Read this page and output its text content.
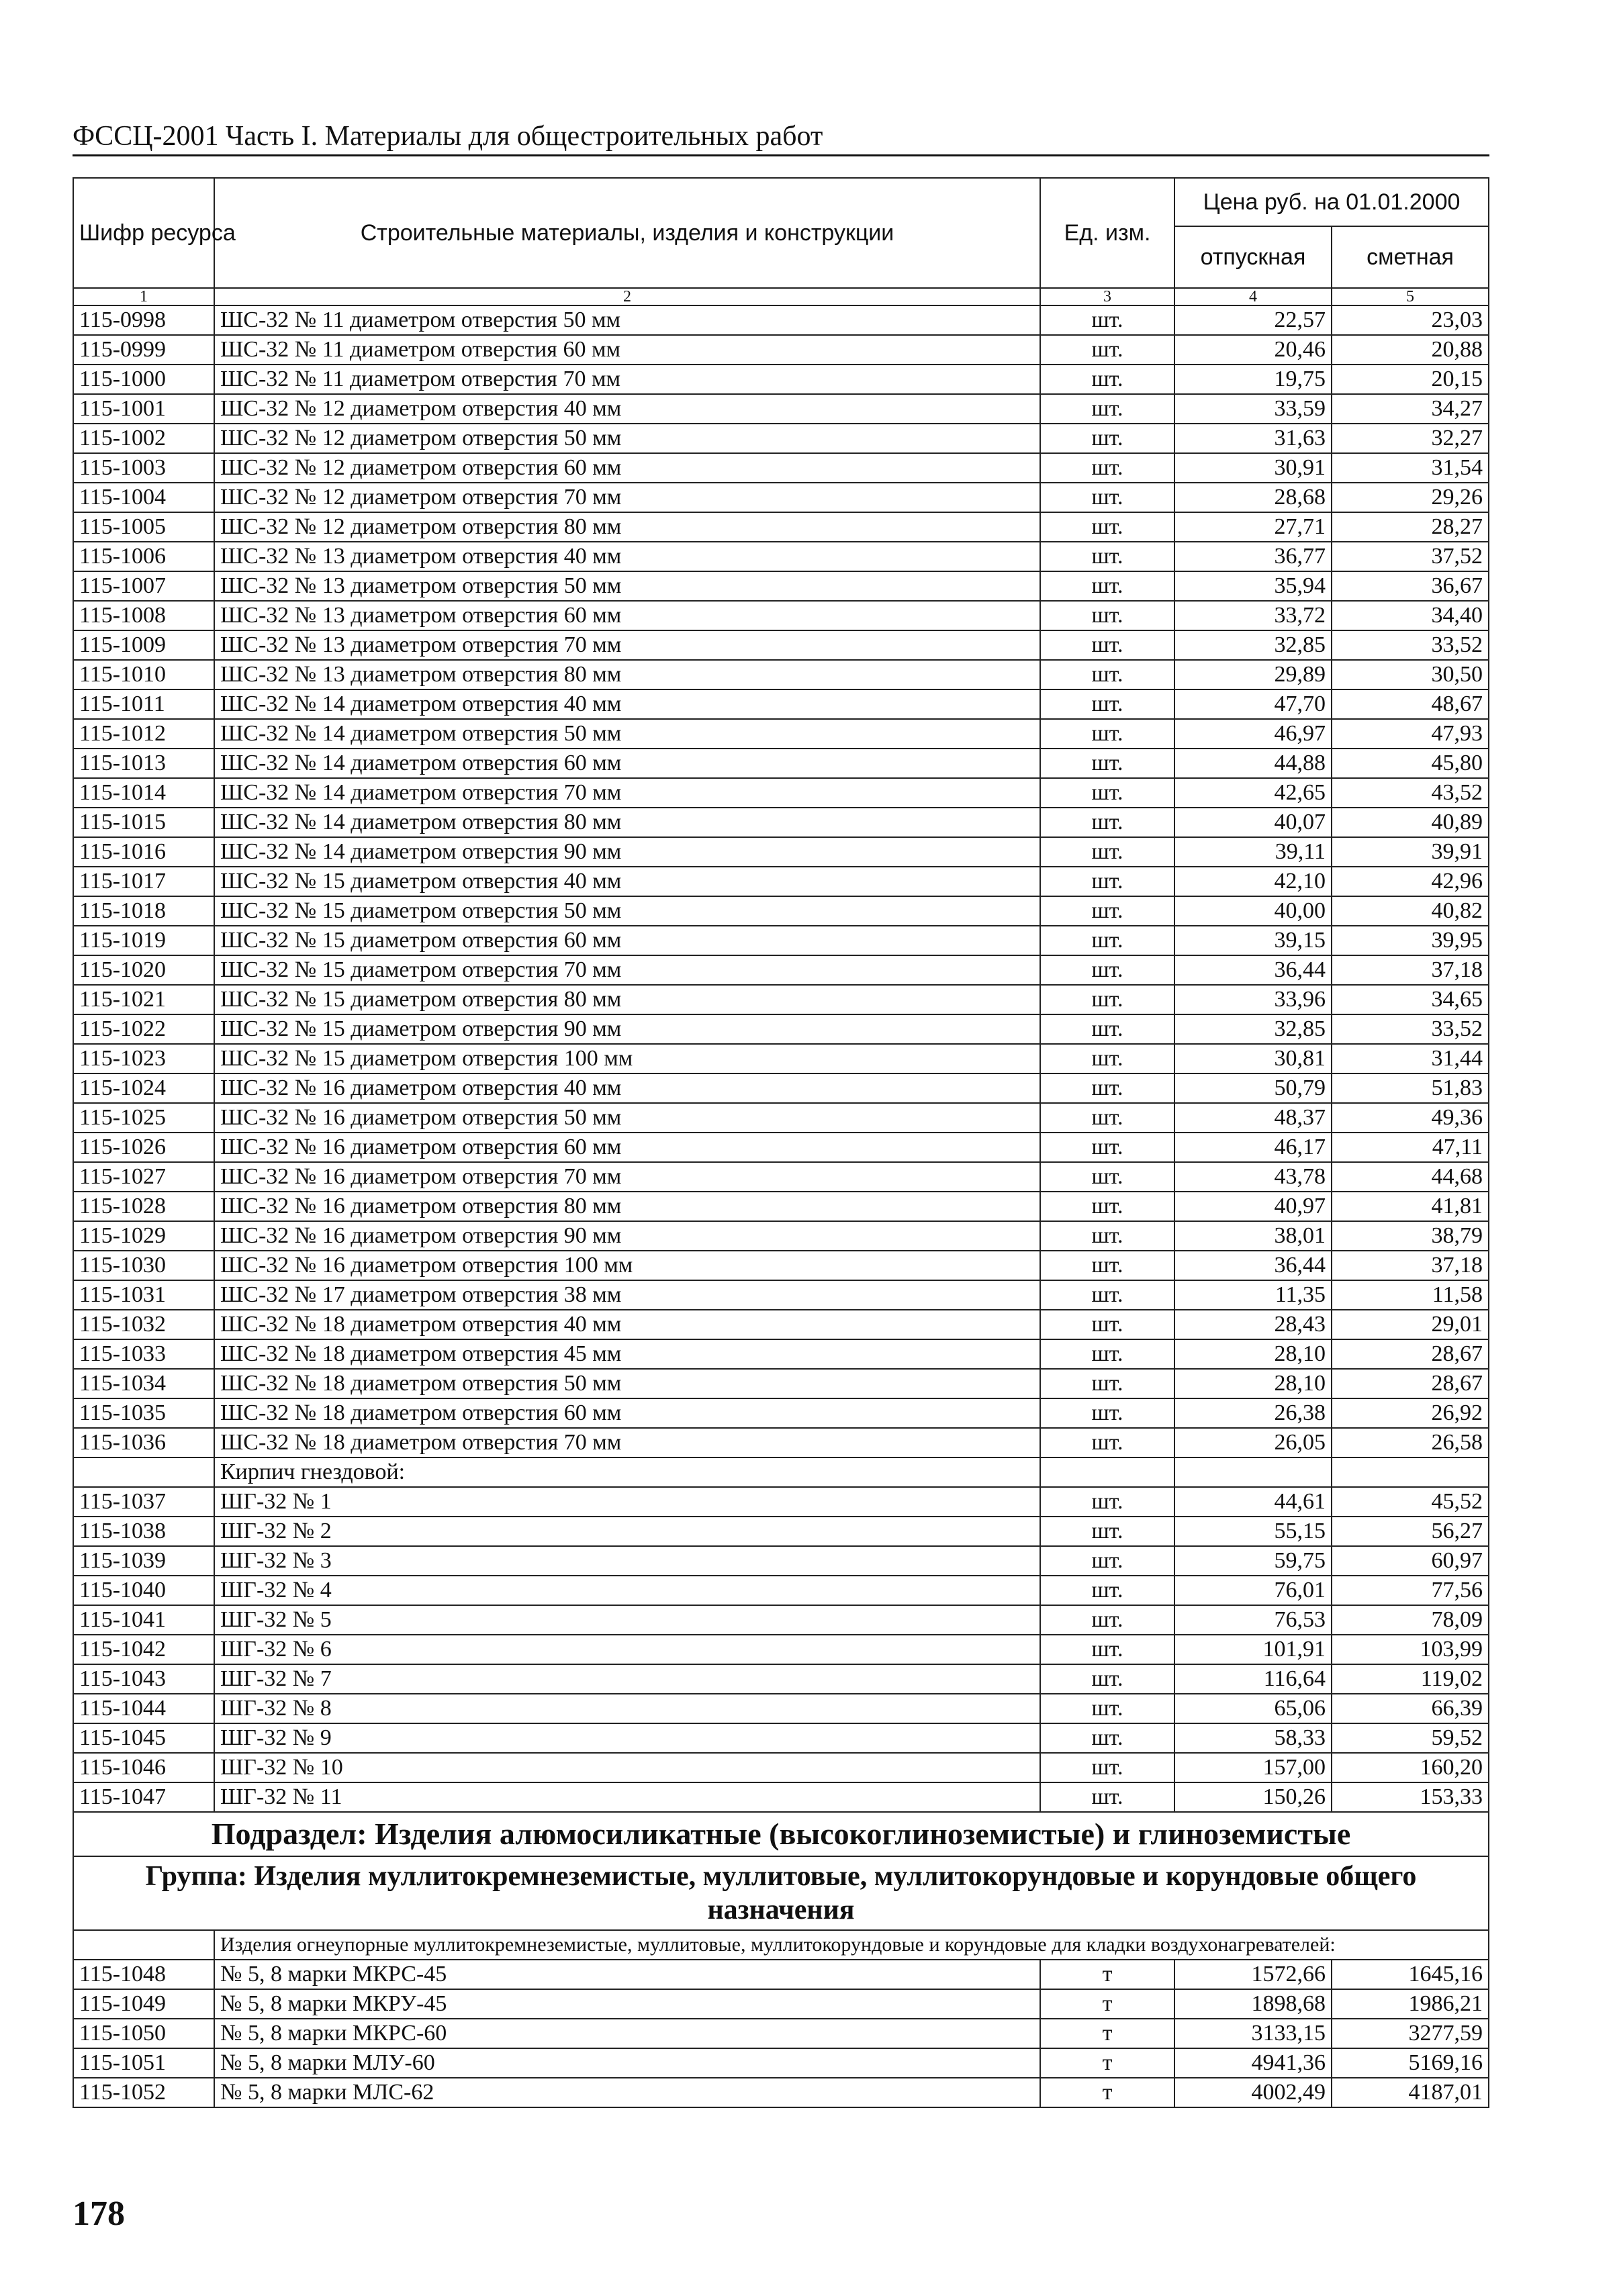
ФССЦ-2001 Часть I. Материалы для общестроительных работ
Шифр ресурса	Строительные материалы, изделия и конструкции	Ед. изм.	Цена руб. на 01.01.2000	
			отпускная	сметная
1	2	3	4	5
115-0998	ШС-32 № 11 диаметром отверстия 50 мм	шт.	22,57	23,03
115-0999	ШС-32 № 11 диаметром отверстия 60 мм	шт.	20,46	20,88
115-1000	ШС-32 № 11 диаметром отверстия 70 мм	шт.	19,75	20,15
115-1001	ШС-32 № 12 диаметром отверстия 40 мм	шт.	33,59	34,27
115-1002	ШС-32 № 12 диаметром отверстия 50 мм	шт.	31,63	32,27
115-1003	ШС-32 № 12 диаметром отверстия 60 мм	шт.	30,91	31,54
115-1004	ШС-32 № 12 диаметром отверстия 70 мм	шт.	28,68	29,26
115-1005	ШС-32 № 12 диаметром отверстия 80 мм	шт.	27,71	28,27
115-1006	ШС-32 № 13 диаметром отверстия 40 мм	шт.	36,77	37,52
115-1007	ШС-32 № 13 диаметром отверстия 50 мм	шт.	35,94	36,67
115-1008	ШС-32 № 13 диаметром отверстия 60 мм	шт.	33,72	34,40
115-1009	ШС-32 № 13 диаметром отверстия 70 мм	шт.	32,85	33,52
115-1010	ШС-32 № 13 диаметром отверстия 80 мм	шт.	29,89	30,50
115-1011	ШС-32 № 14 диаметром отверстия 40 мм	шт.	47,70	48,67
115-1012	ШС-32 № 14 диаметром отверстия 50 мм	шт.	46,97	47,93
115-1013	ШС-32 № 14 диаметром отверстия 60 мм	шт.	44,88	45,80
115-1014	ШС-32 № 14 диаметром отверстия 70 мм	шт.	42,65	43,52
115-1015	ШС-32 № 14 диаметром отверстия 80 мм	шт.	40,07	40,89
115-1016	ШС-32 № 14 диаметром отверстия 90 мм	шт.	39,11	39,91
115-1017	ШС-32 № 15 диаметром отверстия 40 мм	шт.	42,10	42,96
115-1018	ШС-32 № 15 диаметром отверстия 50 мм	шт.	40,00	40,82
115-1019	ШС-32 № 15 диаметром отверстия 60 мм	шт.	39,15	39,95
115-1020	ШС-32 № 15 диаметром отверстия 70 мм	шт.	36,44	37,18
115-1021	ШС-32 № 15 диаметром отверстия 80 мм	шт.	33,96	34,65
115-1022	ШС-32 № 15 диаметром отверстия 90 мм	шт.	32,85	33,52
115-1023	ШС-32 № 15 диаметром отверстия 100 мм	шт.	30,81	31,44
115-1024	ШС-32 № 16 диаметром отверстия 40 мм	шт.	50,79	51,83
115-1025	ШС-32 № 16 диаметром отверстия 50 мм	шт.	48,37	49,36
115-1026	ШС-32 № 16 диаметром отверстия 60 мм	шт.	46,17	47,11
115-1027	ШС-32 № 16 диаметром отверстия 70 мм	шт.	43,78	44,68
115-1028	ШС-32 № 16 диаметром отверстия 80 мм	шт.	40,97	41,81
115-1029	ШС-32 № 16 диаметром отверстия 90 мм	шт.	38,01	38,79
115-1030	ШС-32 № 16 диаметром отверстия 100 мм	шт.	36,44	37,18
115-1031	ШС-32 № 17 диаметром отверстия 38 мм	шт.	11,35	11,58
115-1032	ШС-32 № 18 диаметром отверстия 40 мм	шт.	28,43	29,01
115-1033	ШС-32 № 18 диаметром отверстия 45 мм	шт.	28,10	28,67
115-1034	ШС-32 № 18 диаметром отверстия 50 мм	шт.	28,10	28,67
115-1035	ШС-32 № 18 диаметром отверстия 60 мм	шт.	26,38	26,92
115-1036	ШС-32 № 18 диаметром отверстия 70 мм	шт.	26,05	26,58
	Кирпич гнездовой:			
115-1037	ШГ-32 № 1	шт.	44,61	45,52
115-1038	ШГ-32 № 2	шт.	55,15	56,27
115-1039	ШГ-32 № 3	шт.	59,75	60,97
115-1040	ШГ-32 № 4	шт.	76,01	77,56
115-1041	ШГ-32 № 5	шт.	76,53	78,09
115-1042	ШГ-32 № 6	шт.	101,91	103,99
115-1043	ШГ-32 № 7	шт.	116,64	119,02
115-1044	ШГ-32 № 8	шт.	65,06	66,39
115-1045	ШГ-32 № 9	шт.	58,33	59,52
115-1046	ШГ-32 № 10	шт.	157,00	160,20
115-1047	ШГ-32 № 11	шт.	150,26	153,33
Подраздел: Изделия алюмосиликатные (высокоглиноземистые) и глиноземистые				
Группа: Изделия муллитокремнеземистые, муллитовые, муллитокорундовые и корундовые общего назначения				
	Изделия огнеупорные муллитокремнеземистые, муллитовые, муллитокорундовые и корундовые для кладки воздухонагревателей:			
115-1048	№ 5, 8 марки МКРС-45	т	1572,66	1645,16
115-1049	№ 5, 8 марки МКРУ-45	т	1898,68	1986,21
115-1050	№ 5, 8 марки МКРС-60	т	3133,15	3277,59
115-1051	№ 5, 8 марки МЛУ-60	т	4941,36	5169,16
115-1052	№ 5, 8 марки МЛС-62	т	4002,49	4187,01
178
